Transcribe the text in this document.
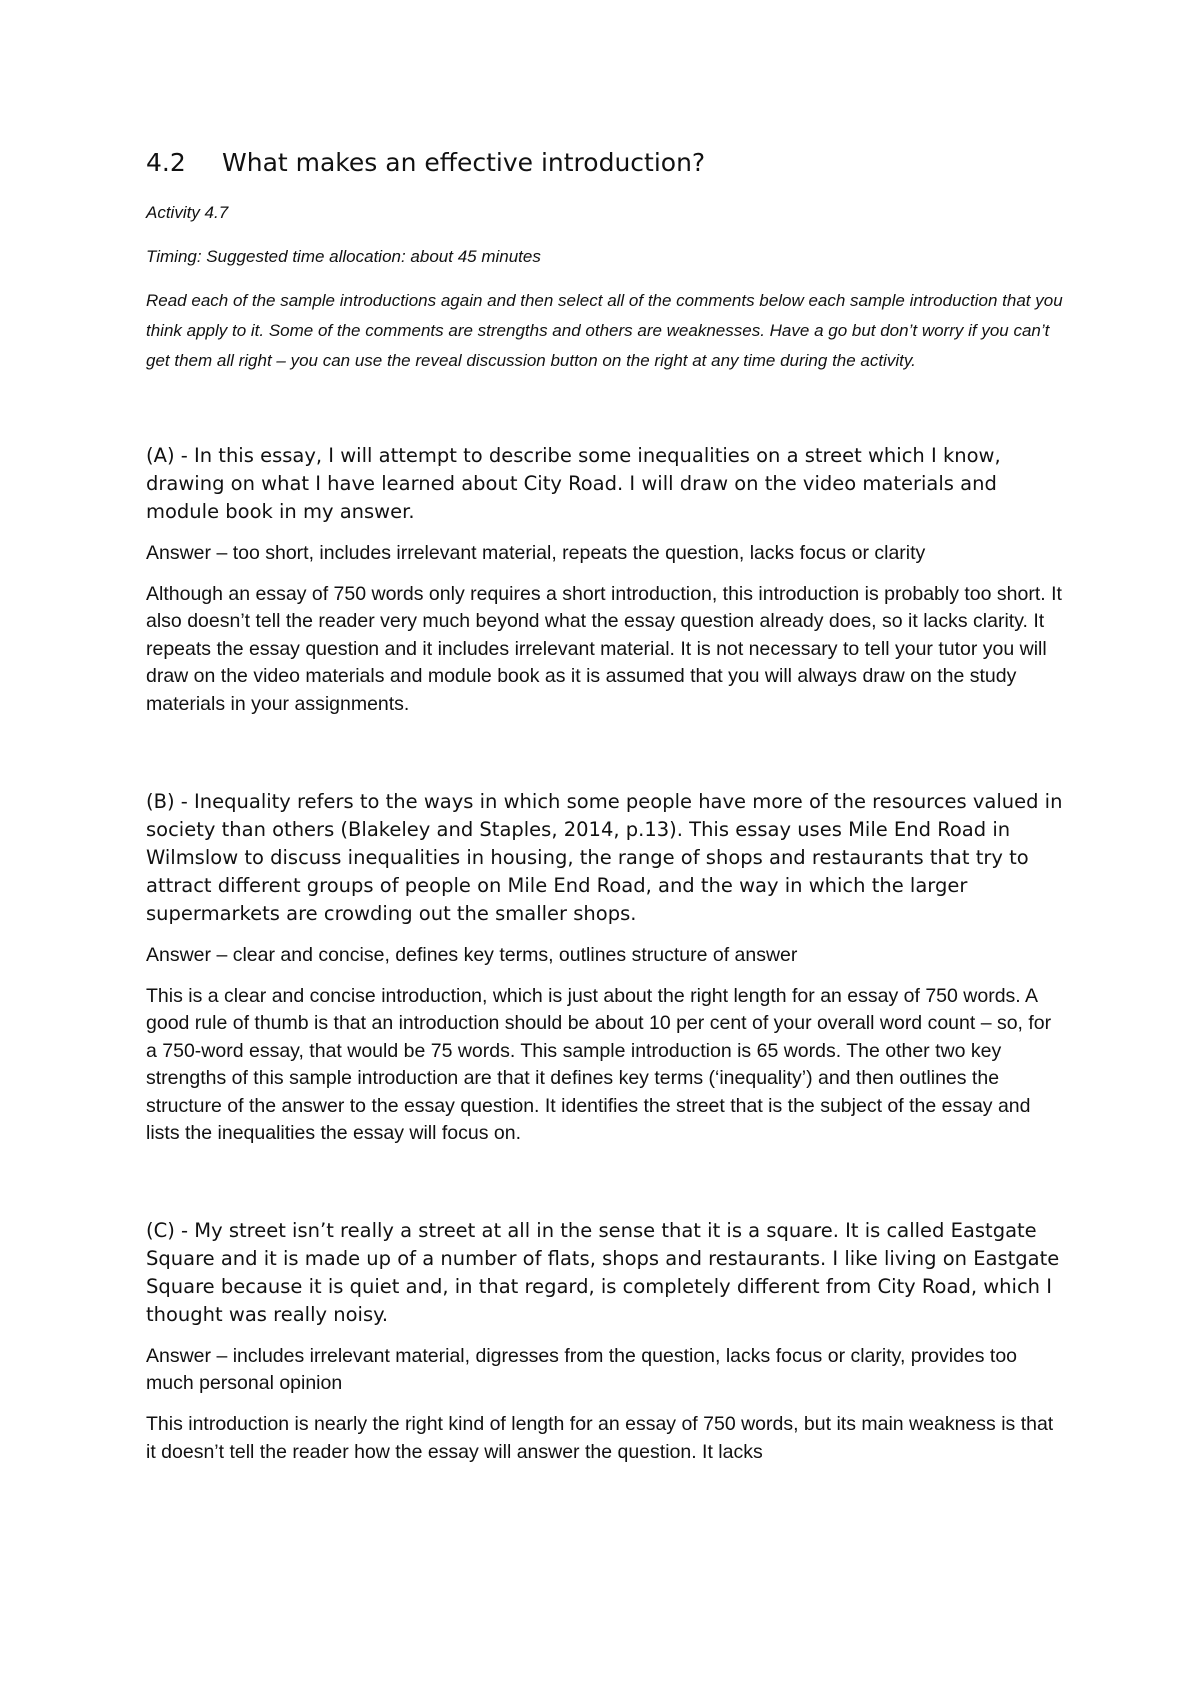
4.2 What makes an effective introduction?

Activity 4.7

Timing: Suggested time allocation: about 45 minutes

Read each of the sample introductions again and then select all of the comments below each sample introduction that you think apply to it. Some of the comments are strengths and others are weaknesses. Have a go but don’t worry if you can’t get them all right – you can use the reveal discussion button on the right at any time during the activity.

(A) - In this essay, I will attempt to describe some inequalities on a street which I know, drawing on what I have learned about City Road. I will draw on the video materials and module book in my answer.

Answer – too short, includes irrelevant material, repeats the question, lacks focus or clarity

Although an essay of 750 words only requires a short introduction, this introduction is probably too short. It also doesn’t tell the reader very much beyond what the essay question already does, so it lacks clarity. It repeats the essay question and it includes irrelevant material. It is not necessary to tell your tutor you will draw on the video materials and module book as it is assumed that you will always draw on the study materials in your assignments.

(B) - Inequality refers to the ways in which some people have more of the resources valued in society than others (Blakeley and Staples, 2014, p.13). This essay uses Mile End Road in Wilmslow to discuss inequalities in housing, the range of shops and restaurants that try to attract different groups of people on Mile End Road, and the way in which the larger supermarkets are crowding out the smaller shops.

Answer – clear and concise, defines key terms, outlines structure of answer

This is a clear and concise introduction, which is just about the right length for an essay of 750 words. A good rule of thumb is that an introduction should be about 10 per cent of your overall word count – so, for a 750-word essay, that would be 75 words. This sample introduction is 65 words. The other two key strengths of this sample introduction are that it defines key terms (‘inequality’) and then outlines the structure of the answer to the essay question. It identifies the street that is the subject of the essay and lists the inequalities the essay will focus on.

(C) - My street isn’t really a street at all in the sense that it is a square. It is called Eastgate Square and it is made up of a number of flats, shops and restaurants. I like living on Eastgate Square because it is quiet and, in that regard, is completely different from City Road, which I thought was really noisy.

Answer – includes irrelevant material, digresses from the question, lacks focus or clarity, provides too much personal opinion

This introduction is nearly the right kind of length for an essay of 750 words, but its main weakness is that it doesn’t tell the reader how the essay will answer the question. It lacks
